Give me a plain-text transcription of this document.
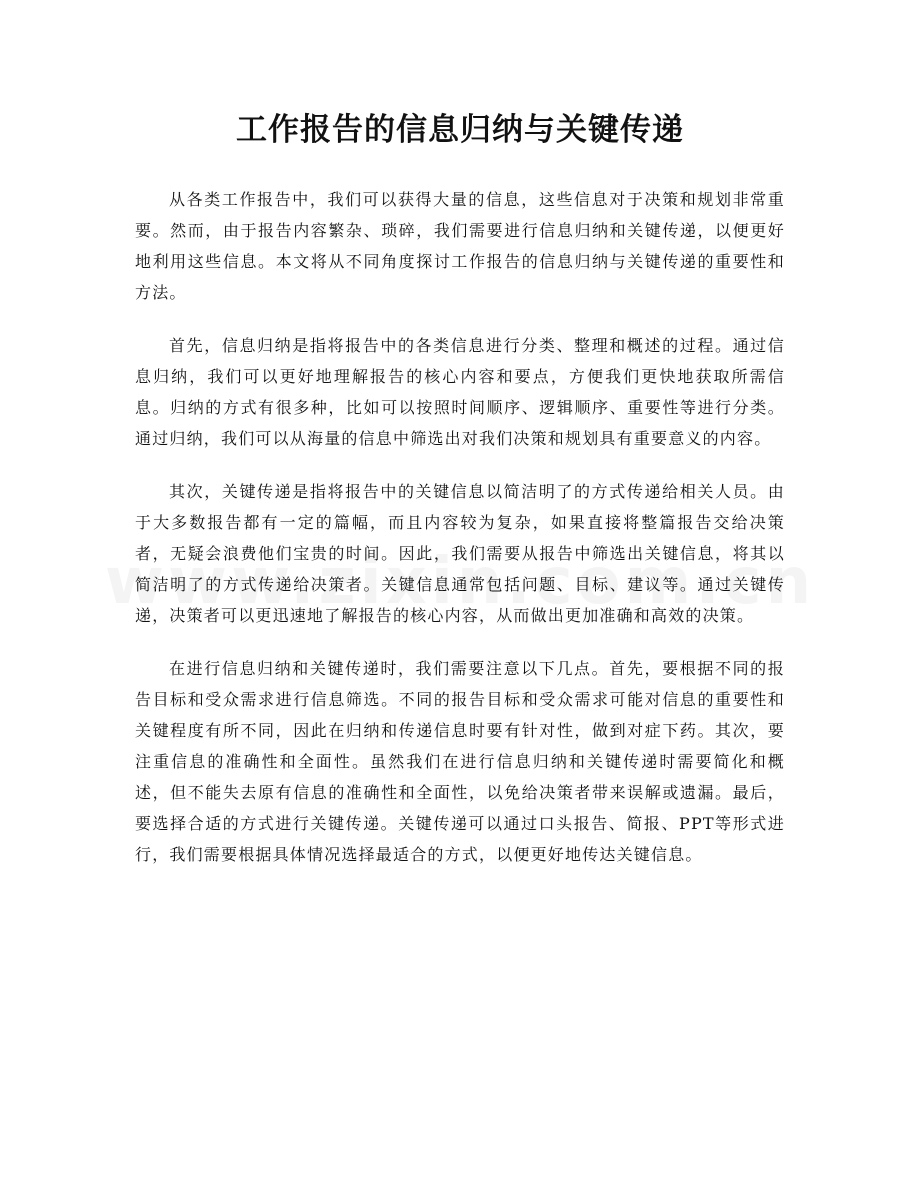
工作报告的信息归纳与关键传递

从各类工作报告中，我们可以获得大量的信息，这些信息对于决策和规划非常重要。然而，由于报告内容繁杂、琐碎，我们需要进行信息归纳和关键传递，以便更好地利用这些信息。本文将从不同角度探讨工作报告的信息归纳与关键传递的重要性和方法。

首先，信息归纳是指将报告中的各类信息进行分类、整理和概述的过程。通过信息归纳，我们可以更好地理解报告的核心内容和要点，方便我们更快地获取所需信息。归纳的方式有很多种，比如可以按照时间顺序、逻辑顺序、重要性等进行分类。通过归纳，我们可以从海量的信息中筛选出对我们决策和规划具有重要意义的内容。

其次，关键传递是指将报告中的关键信息以简洁明了的方式传递给相关人员。由于大多数报告都有一定的篇幅，而且内容较为复杂，如果直接将整篇报告交给决策者，无疑会浪费他们宝贵的时间。因此，我们需要从报告中筛选出关键信息，将其以简洁明了的方式传递给决策者。关键信息通常包括问题、目标、建议等。通过关键传递，决策者可以更迅速地了解报告的核心内容，从而做出更加准确和高效的决策。

在进行信息归纳和关键传递时，我们需要注意以下几点。首先，要根据不同的报告目标和受众需求进行信息筛选。不同的报告目标和受众需求可能对信息的重要性和关键程度有所不同，因此在归纳和传递信息时要有针对性，做到对症下药。其次，要注重信息的准确性和全面性。虽然我们在进行信息归纳和关键传递时需要简化和概述，但不能失去原有信息的准确性和全面性，以免给决策者带来误解或遗漏。最后，要选择合适的方式进行关键传递。关键传递可以通过口头报告、简报、PPT等形式进行，我们需要根据具体情况选择最适合的方式，以便更好地传达关键信息。
